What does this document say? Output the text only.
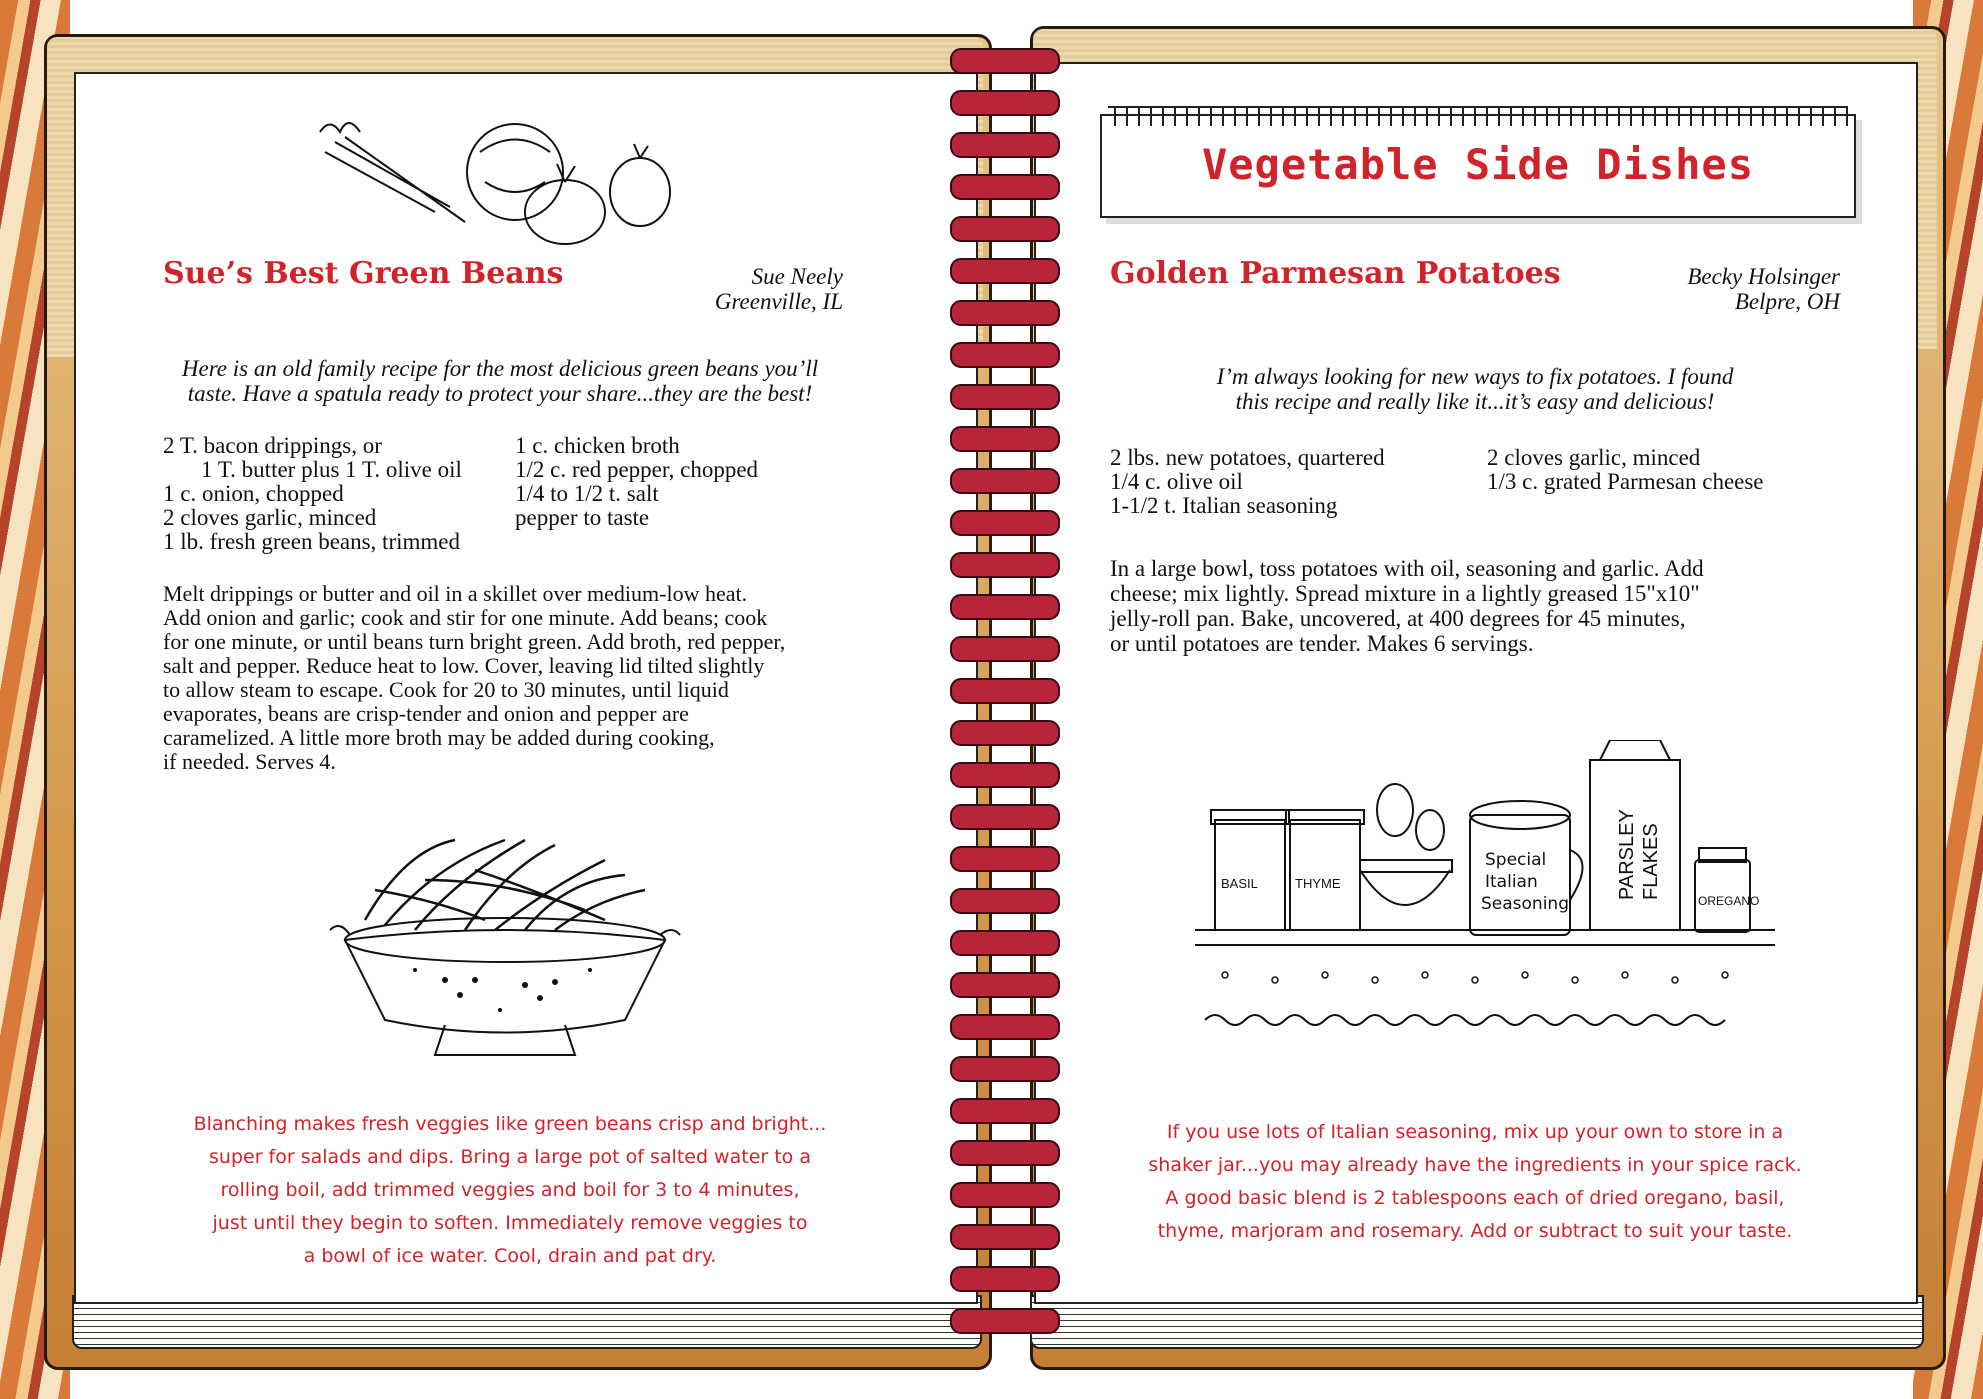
Sue’s Best Green Beans	Sue Neely
Greenville, IL
Here is an old family recipe for the most delicious green beans you’ll
taste. Have a spatula ready to protect your share...they are the best!
2 T. bacon drippings, or
1 T. butter plus 1 T. olive oil
1 c. onion, chopped
2 cloves garlic, minced
1 lb. fresh green beans, trimmed
1 c. chicken broth
1/2 c. red pepper, chopped
1/4 to 1/2 t. salt
pepper to taste
Melt drippings or butter and oil in a skillet over medium-low heat.
Add onion and garlic; cook and stir for one minute. Add beans; cook
for one minute, or until beans turn bright green. Add broth, red pepper,
salt and pepper. Reduce heat to low. Cover, leaving lid tilted slightly
to allow steam to escape. Cook for 20 to 30 minutes, until liquid
evaporates, beans are crisp-tender and onion and pepper are
caramelized. A little more broth may be added during cooking,
if needed. Serves 4.
Blanching makes fresh veggies like green beans crisp and bright...
super for salads and dips. Bring a large pot of salted water to a
rolling boil, add trimmed veggies and boil for 3 to 4 minutes,
just until they begin to soften. Immediately remove veggies to
a bowl of ice water. Cool, drain and pat dry.
Vegetable Side Dishes
Golden Parmesan Potatoes	Becky Holsinger
Belpre, OH
I’m always looking for new ways to fix potatoes. I found
this recipe and really like it...it’s easy and delicious!
2 lbs. new potatoes, quartered
1/4 c. olive oil
1-1/2 t. Italian seasoning
2 cloves garlic, minced
1/3 c. grated Parmesan cheese
In a large bowl, toss potatoes with oil, seasoning and garlic. Add
cheese; mix lightly. Spread mixture in a lightly greased 15"x10"
jelly-roll pan. Bake, uncovered, at 400 degrees for 45 minutes,
or until potatoes are tender. Makes 6 servings.
BASIL	THYME
Special
Italian
Seasoning
PARSLEY FLAKES
OREGANO
If you use lots of Italian seasoning, mix up your own to store in a
shaker jar...you may already have the ingredients in your spice rack.
A good basic blend is 2 tablespoons each of dried oregano, basil,
thyme, marjoram and rosemary. Add or subtract to suit your taste.
